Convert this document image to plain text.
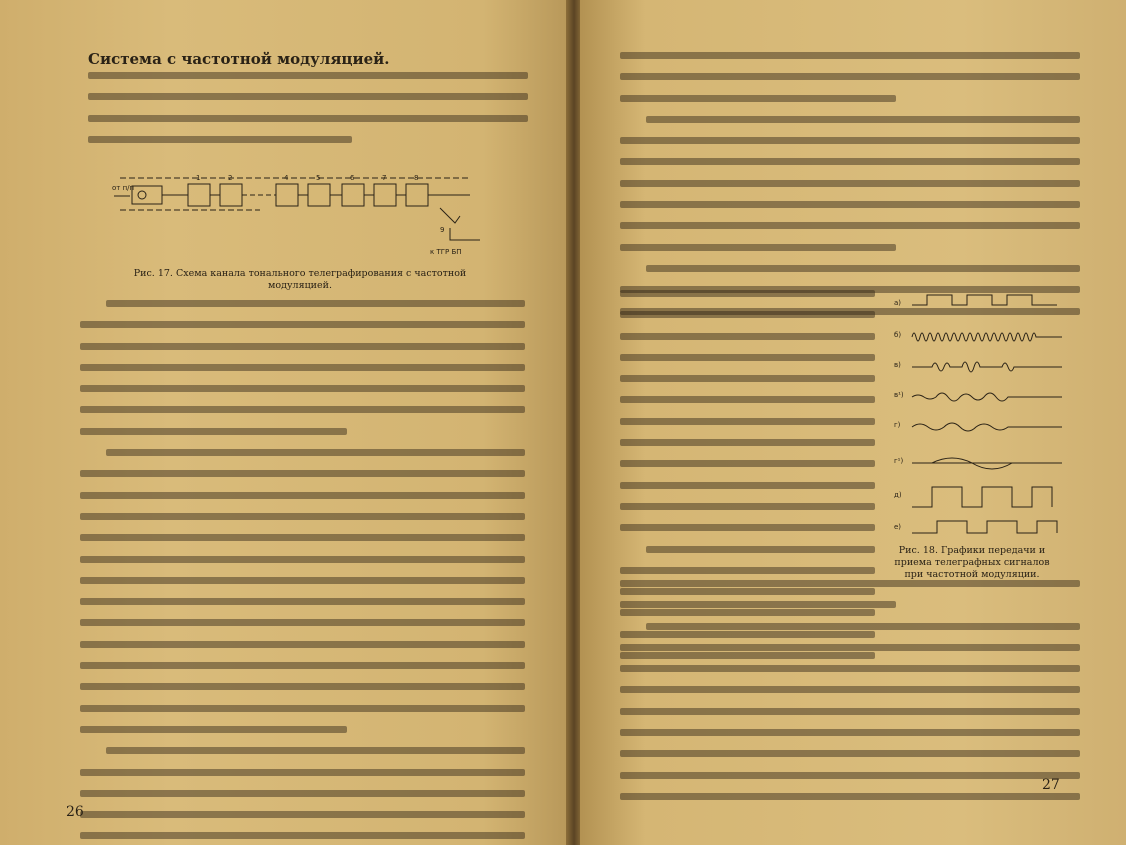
Система с частотной модуляцией.
1	2	4	5	6	7	8
9
от п/п
к ТГР БП
Рис. 17. Схема канала тонального телеграфирования с частотной модуляцией.
26
а)
б)
в)
в¹)
г)
г¹)
д)
е)
Рис. 18. Графики передачи и приема телеграфных сигналов при частотной модуляции.
27
